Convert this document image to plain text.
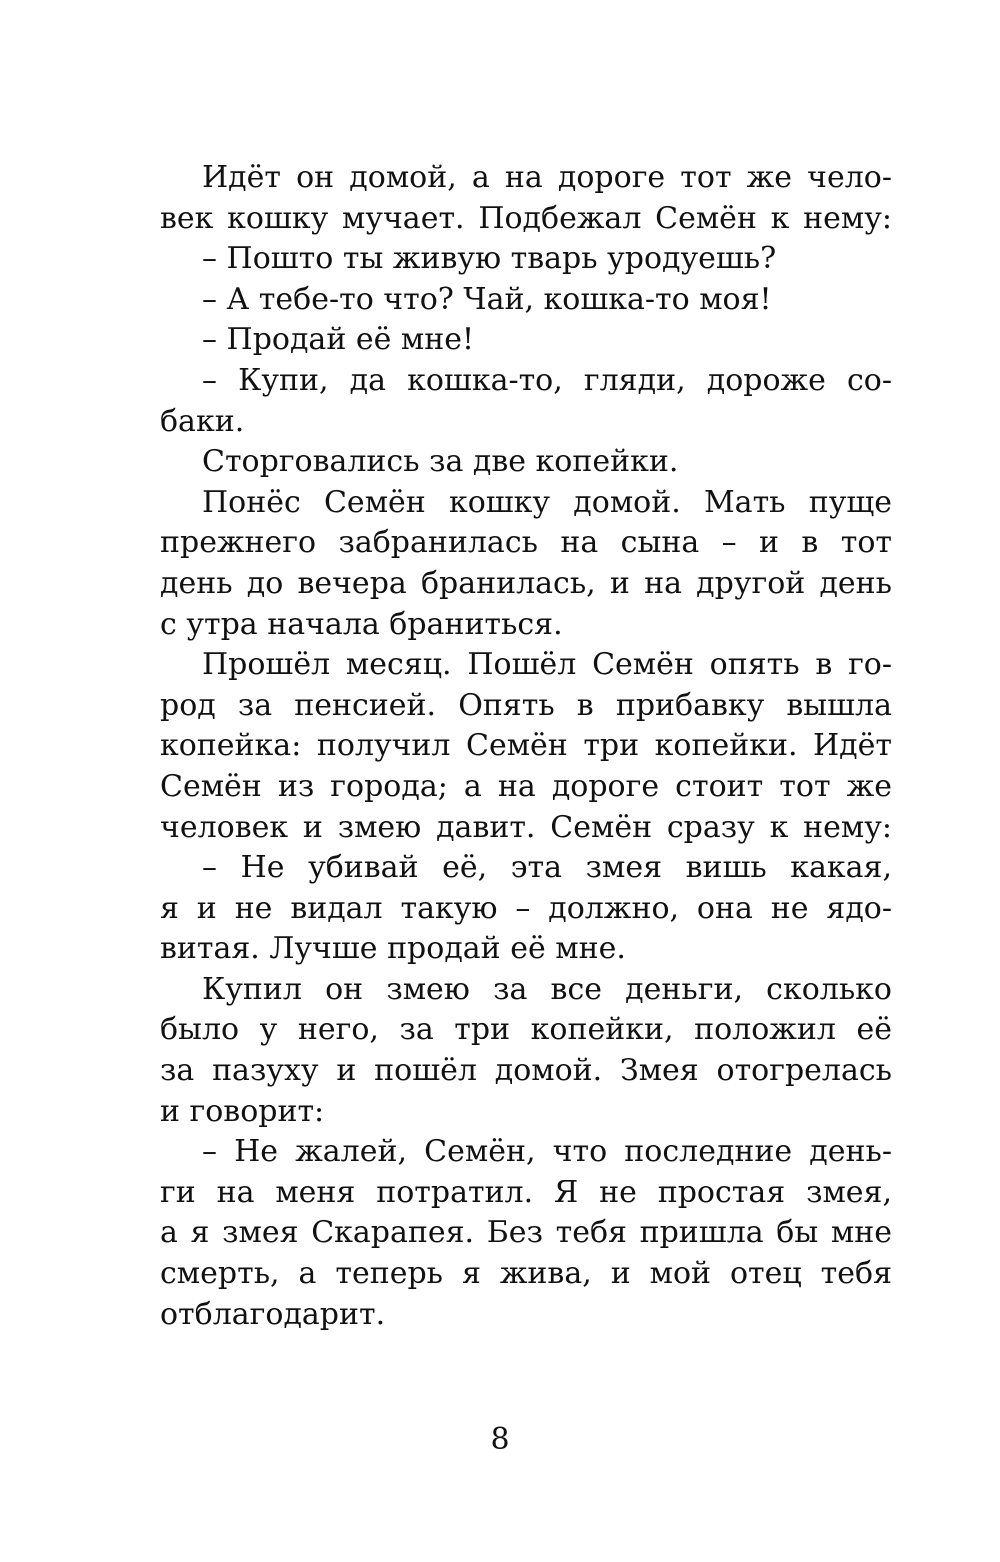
Идёт он домой, а на дороге тот же чело-
век кошку мучает. Подбежал Семён к нему:
– Пошто ты живую тварь уродуешь?
– А тебе-то что? Чай, кошка-то моя!
– Продай её мне!
– Купи, да кошка-то, гляди, дороже со-
баки.
Сторговались за две копейки.
Понёс Семён кошку домой. Мать пуще
прежнего забранилась на сына – и в тот
день до вечера бранилась, и на другой день
с утра начала браниться.
Прошёл месяц. Пошёл Семён опять в го-
род за пенсией. Опять в прибавку вышла
копейка: получил Семён три копейки. Идёт
Семён из города; а на дороге стоит тот же
человек и змею давит. Семён сразу к нему:
– Не убивай её, эта змея вишь какая,
я и не видал такую – должно, она не ядо-
витая. Лучше продай её мне.
Купил он змею за все деньги, сколько
было у него, за три копейки, положил её
за пазуху и пошёл домой. Змея отогрелась
и говорит:
– Не жалей, Семён, что последние день-
ги на меня потратил. Я не простая змея,
а я змея Скарапея. Без тебя пришла бы мне
смерть, а теперь я жива, и мой отец тебя
отблагодарит.
8
